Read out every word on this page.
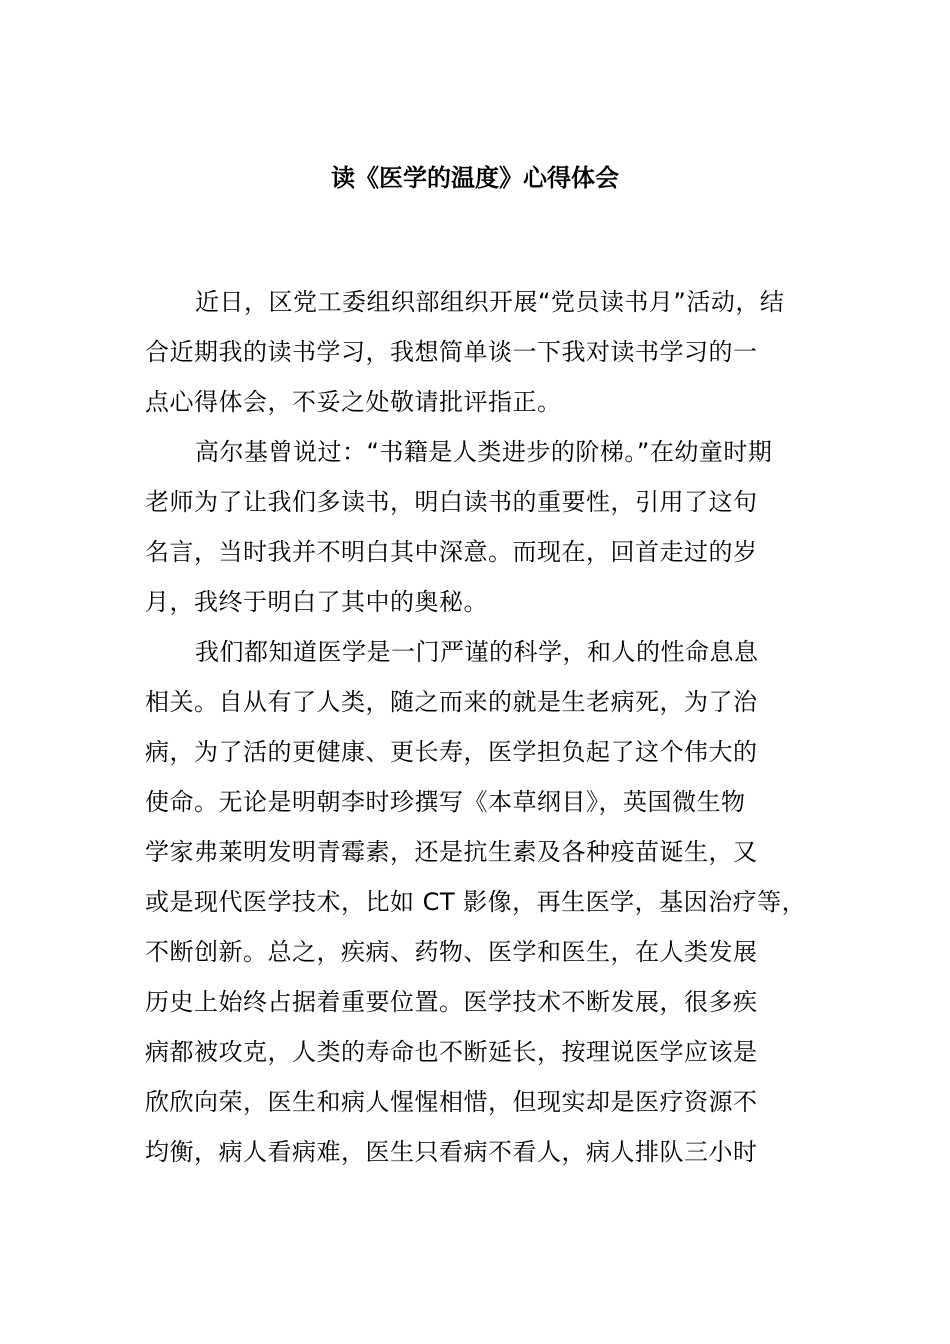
读《医学的温度》心得体会
近日，区党工委组织部组织开展“党员读书月”活动，结
合近期我的读书学习，我想简单谈一下我对读书学习的一
点心得体会，不妥之处敬请批评指正。
高尔基曾说过：“书籍是人类进步的阶梯。”在幼童时期
老师为了让我们多读书，明白读书的重要性，引用了这句
名言，当时我并不明白其中深意。而现在，回首走过的岁
月，我终于明白了其中的奥秘。
我们都知道医学是一门严谨的科学，和人的性命息息
相关。自从有了人类，随之而来的就是生老病死，为了治
病，为了活的更健康、更长寿，医学担负起了这个伟大的
使命。无论是明朝李时珍撰写《本草纲目》，英国微生物
学家弗莱明发明青霉素，还是抗生素及各种疫苗诞生，又
或是现代医学技术，比如 CT 影像，再生医学，基因治疗等，
不断创新。总之，疾病、药物、医学和医生，在人类发展
历史上始终占据着重要位置。医学技术不断发展，很多疾
病都被攻克，人类的寿命也不断延长，按理说医学应该是
欣欣向荣，医生和病人惺惺相惜，但现实却是医疗资源不
均衡，病人看病难，医生只看病不看人，病人排队三小时
